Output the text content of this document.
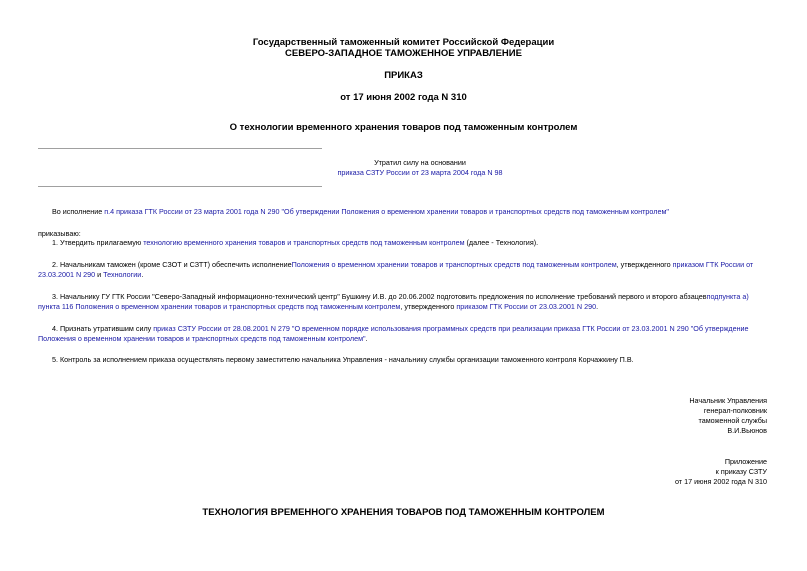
Государственный таможенный комитет Российской Федерации
СЕВЕРО-ЗАПАДНОЕ ТАМОЖЕННОЕ УПРАВЛЕНИЕ
ПРИКАЗ
от 17 июня 2002 года N 310
О технологии временного хранения товаров под таможенным контролем
Утратил силу на основании
приказа СЗТУ России от 23 марта 2004 года N 98
Во исполнение п.4 приказа ГТК России от 23 марта 2001 года N 290 "Об утверждении Положения о временном хранении товаров и транспортных средств под таможенным контролем"
приказываю:
1. Утвердить прилагаемую технологию временного хранения товаров и транспортных средств под таможенным контролем (далее - Технология).
2. Начальникам таможен (кроме СЗОТ и СЗТТ) обеспечить исполнениеПоложения о временном хранении товаров и транспортных средств под таможенным контролем, утвержденного приказом ГТК России от
23.03.2001 N 290 и Технологии.
3. Начальнику ГУ ГТК России "Северо-Западный информационно-технический центр" Бушкину И.В. до 20.06.2002 подготовить предложения по исполнение требований первого и второго абзацевподпункта а)
пункта 116 Положения о временном хранении товаров и транспортных средств под таможенным контролем, утвержденного приказом ГТК России от 23.03.2001 N 290.
4. Признать утратившим силу приказ СЗТУ России от 28.08.2001 N 279 "О временном порядке использования программных средств при реализации приказа ГТК России от 23.03.2001 N 290 "Об утверждение
Положения о временном хранении товаров и транспортных средств под таможенным контролем".
5. Контроль за исполнением приказа осуществлять первому заместителю начальника Управления - начальнику службы организации таможенного контроля Корчажкину П.В.
Начальник Управления
генерал-полковник
таможенной службы
В.И.Вьюнов
Приложение
к приказу СЗТУ
от 17 июня 2002 года N 310
ТЕХНОЛОГИЯ ВРЕМЕННОГО ХРАНЕНИЯ ТОВАРОВ ПОД ТАМОЖЕННЫМ КОНТРОЛЕМ
